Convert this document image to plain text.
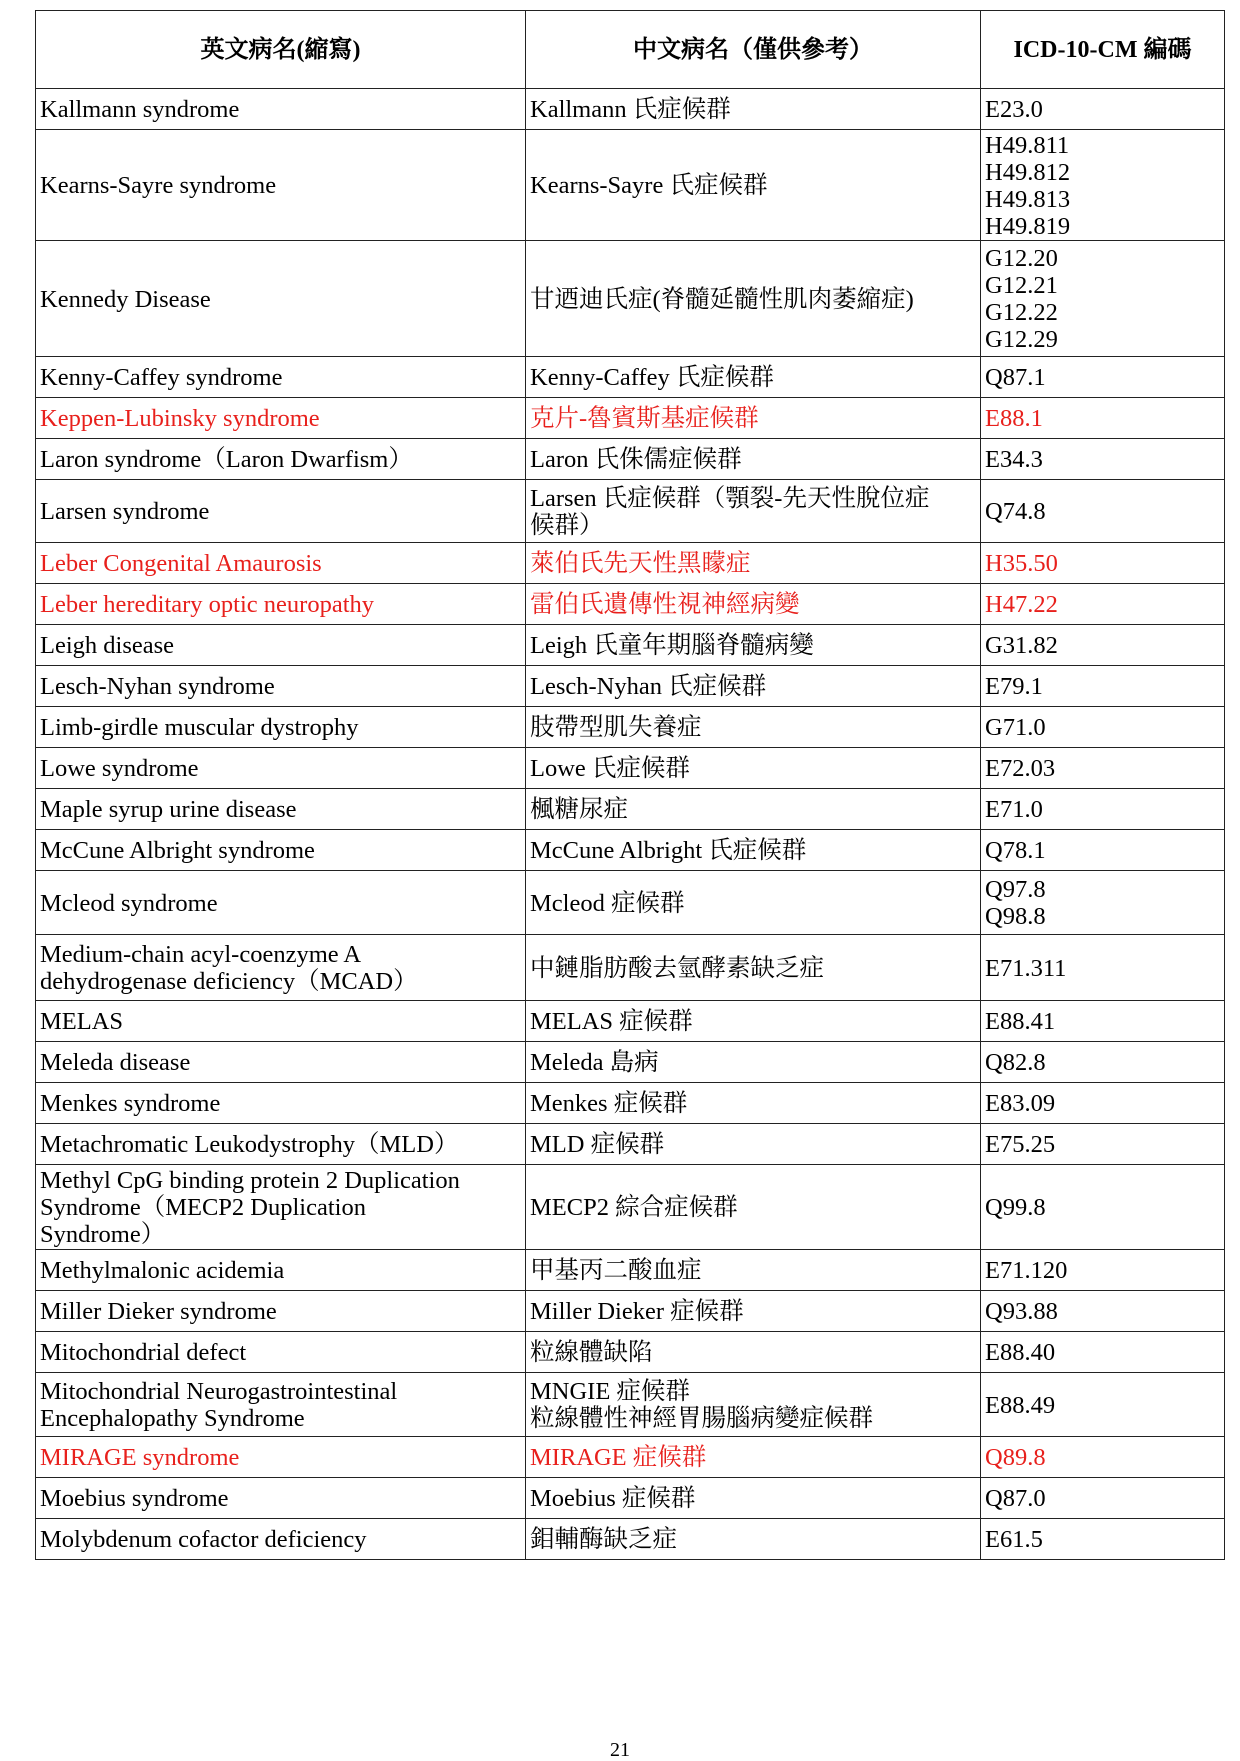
英文病名(縮寫)	中文病名（僅供參考）	ICD-10-CM 編碼

Kallmann syndrome	Kallmann 氏症候群	E23.0

Kearns-Sayre syndrome	Kearns-Sayre 氏症候群	H49.811
H49.812
H49.813
H49.819

Kennedy Disease	甘迺迪氏症(脊髓延髓性肌肉萎縮症)	G12.20
G12.21
G12.22
G12.29

Kenny-Caffey syndrome	Kenny-Caffey 氏症候群	Q87.1

Keppen-Lubinsky syndrome	克片-魯賓斯基症候群	E88.1

Laron syndrome（Laron Dwarfism）	Laron 氏侏儒症候群	E34.3

Larsen syndrome	Larsen 氏症候群（顎裂-先天性脫位症
候群）	Q74.8

Leber Congenital Amaurosis	萊伯氏先天性黑矇症	H35.50

Leber hereditary optic neuropathy	雷伯氏遺傳性視神經病變	H47.22

Leigh disease	Leigh 氏童年期腦脊髓病變	G31.82

Lesch-Nyhan syndrome	Lesch-Nyhan 氏症候群	E79.1

Limb-girdle muscular dystrophy	肢帶型肌失養症	G71.0

Lowe syndrome	Lowe 氏症候群	E72.03

Maple syrup urine disease	楓糖尿症	E71.0

McCune Albright syndrome	McCune Albright 氏症候群	Q78.1

Mcleod syndrome	Mcleod 症候群	Q97.8
Q98.8

Medium-chain acyl-coenzyme A
dehydrogenase deficiency（MCAD）	中鏈脂肪酸去氫酵素缺乏症	E71.311

MELAS	MELAS 症候群	E88.41

Meleda disease	Meleda 島病	Q82.8

Menkes syndrome	Menkes 症候群	E83.09

Metachromatic Leukodystrophy（MLD）	MLD 症候群	E75.25

Methyl CpG binding protein 2 Duplication
Syndrome（MECP2 Duplication
Syndrome）	MECP2 綜合症候群	Q99.8

Methylmalonic acidemia	甲基丙二酸血症	E71.120

Miller Dieker syndrome	Miller Dieker 症候群	Q93.88

Mitochondrial defect	粒線體缺陷	E88.40

Mitochondrial Neurogastrointestinal
Encephalopathy Syndrome	MNGIE 症候群
粒線體性神經胃腸腦病變症候群	E88.49

MIRAGE syndrome	MIRAGE 症候群	Q89.8

Moebius syndrome	Moebius 症候群	Q87.0

Molybdenum cofactor deficiency	鉬輔酶缺乏症	E61.5
21
